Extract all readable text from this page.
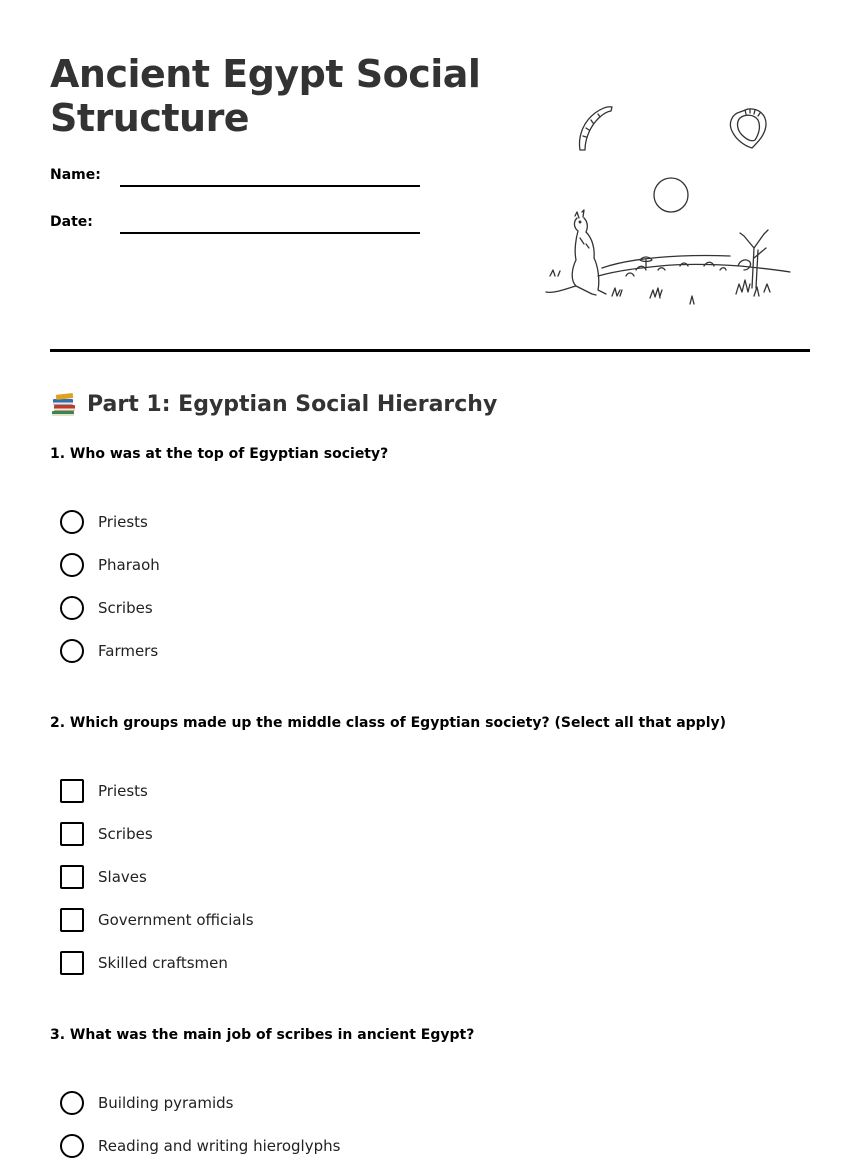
Ancient Egypt Social Structure
Name:
Date:
Part 1: Egyptian Social Hierarchy
1. Who was at the top of Egyptian society?
Priests
Pharaoh
Scribes
Farmers
2. Which groups made up the middle class of Egyptian society? (Select all that apply)
Priests
Scribes
Slaves
Government officials
Skilled craftsmen
3. What was the main job of scribes in ancient Egypt?
Building pyramids
Reading and writing hieroglyphs
